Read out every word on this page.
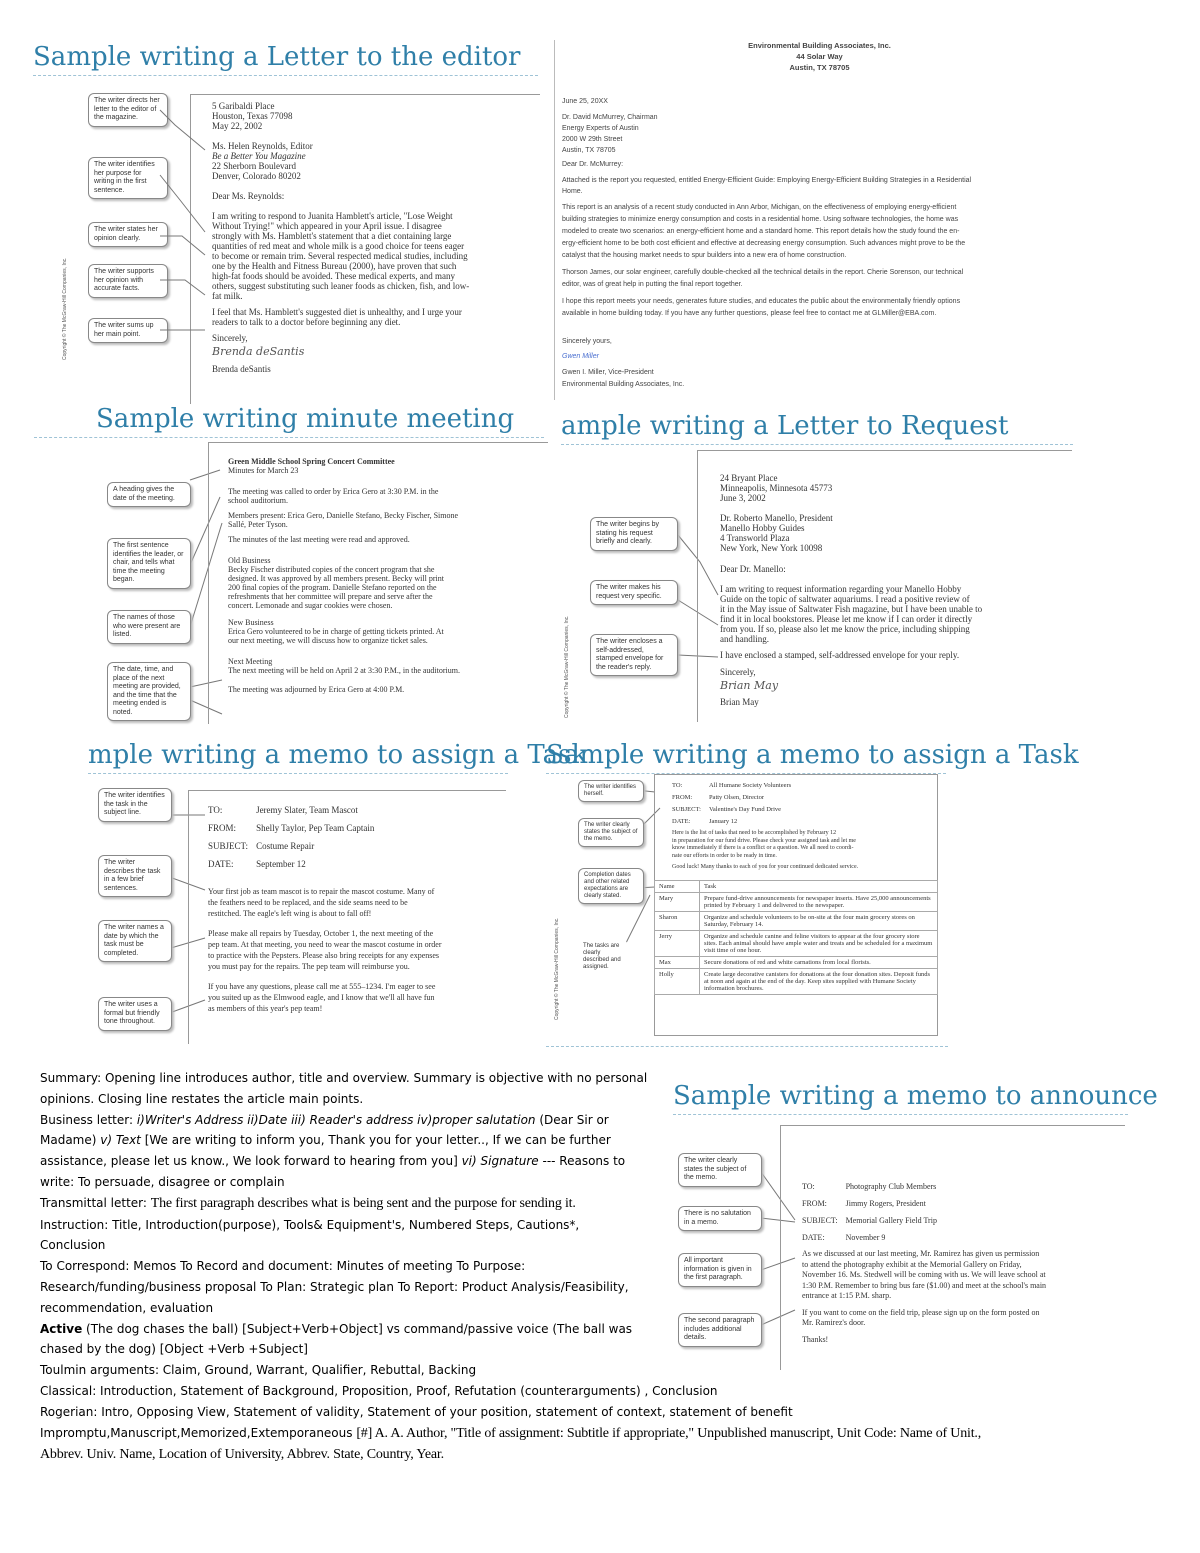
Sample writing a Letter to the editor
Sample writing minute meeting	ample writing a Letter to Request
mple writing a memo to assign a Task
Sample writing a memo to assign a Task
Sample writing a memo to announce
Copyright © The McGraw-Hill Companies, Inc.
The writer directs her letter to the editor of the magazine.
The writer identifies her purpose for writing in the first sentence.
The writer states her opinion clearly.
The writer supports her opinion with accurate facts.
The writer sums up her main point.
5 Garibaldi Place
Houston, Texas 77098
May 22, 2002
Ms. Helen Reynolds, Editor
Be a Better You Magazine
22 Sherborn Boulevard
Denver, Colorado 80202
Dear Ms. Reynolds:
I am writing to respond to Juanita Hamblett's article, "Lose Weight
Without Trying!" which appeared in your April issue. I disagree
strongly with Ms. Hamblett's statement that a diet containing large
quantities of red meat and whole milk is a good choice for teens eager
to become or remain trim. Several respected medical studies, including
one by the Health and Fitness Bureau (2000), have proven that such
high-fat foods should be avoided. These medical experts, and many
others, suggest substituting such leaner foods as chicken, fish, and low-
fat milk.
I feel that Ms. Hamblett's suggested diet is unhealthy, and I urge your
readers to talk to a doctor before beginning any diet.
Sincerely,
Brenda deSantis
Brenda deSantis
Environmental Building Associates, Inc.
44 Solar Way
Austin, TX 78705
June 25, 20XX
Dr. David McMurrey, Chairman
Energy Experts of Austin
2000 W 29th Street
Austin, TX 78705
Dear Dr. McMurrey:
Attached is the report you requested, entitled Energy-Efficient Guide: Employing Energy-Efficient Building Strategies in a Residential
Home.
This report is an analysis of a recent study conducted in Ann Arbor, Michigan, on the effectiveness of employing energy-efficient
building strategies to minimize energy consumption and costs in a residential home. Using software technologies, the home was
modeled to create two scenarios: an energy-efficient home and a standard home. This report details how the study found the en-
ergy-efficient home to be both cost efficient and effective at decreasing energy consumption. Such advances might prove to be the
catalyst that the housing market needs to spur builders into a new era of home construction.
Thorson James, our solar engineer, carefully double-checked all the technical details in the report. Cherie Sorenson, our technical
editor, was of great help in putting the final report together.
I hope this report meets your needs, generates future studies, and educates the public about the environmentally friendly options
available in home building today. If you have any further questions, please feel free to contact me at GLMiller@EBA.com.
Sincerely yours,
Gwen Miller
Gwen I. Miller, Vice-President
Environmental Building Associates, Inc.
A heading gives the date of the meeting.
The first sentence identifies the leader, or chair, and tells what time the meeting began.
The names of those who were present are listed.
The date, time, and place of the next meeting are provided, and the time that the meeting ended is noted.
Green Middle School Spring Concert Committee
Minutes for March 23
The meeting was called to order by Erica Gero at 3:30 P.M. in the
school auditorium.
Members present: Erica Gero, Danielle Stefano, Becky Fischer, Simone
Sallé, Peter Tyson.
The minutes of the last meeting were read and approved.
Old Business
Becky Fischer distributed copies of the concert program that she
designed. It was approved by all members present. Becky will print
200 final copies of the program. Danielle Stefano reported on the
refreshments that her committee will prepare and serve after the
concert. Lemonade and sugar cookies were chosen.
New Business
Erica Gero volunteered to be in charge of getting tickets printed. At
our next meeting, we will discuss how to organize ticket sales.
Next Meeting
The next meeting will be held on April 2 at 3:30 P.M., in the auditorium.
The meeting was adjourned by Erica Gero at 4:00 P.M.	Copyright © The McGraw-Hill Companies, Inc.
The writer begins by stating his request briefly and clearly.
The writer makes his request very specific.
The writer encloses a self-addressed, stamped envelope for the reader's reply.
24 Bryant Place
Minneapolis, Minnesota 45773
June 3, 2002
Dr. Roberto Manello, President
Manello Hobby Guides
4 Transworld Plaza
New York, New York 10098
Dear Dr. Manello:
I am writing to request information regarding your Manello Hobby
Guide on the topic of saltwater aquariums. I read a positive review of
it in the May issue of Saltwater Fish magazine, but I have been unable to
find it in local bookstores. Please let me know if I can order it directly
from you. If so, please also let me know the price, including shipping
and handling.
I have enclosed a stamped, self-addressed envelope for your reply.
Sincerely,
Brian May
Brian May
The writer identifies the task in the subject line.
The writer describes the task in a few brief sentences.
The writer names a date by which the task must be completed.
The writer uses a formal but friendly tone throughout.
TO:	Jeremy Slater, Team Mascot
FROM:	Shelly Taylor, Pep Team Captain
SUBJECT:	Costume Repair
DATE:	September 12
Your first job as team mascot is to repair the mascot costume. Many of
the feathers need to be replaced, and the side seams need to be
restitched. The eagle's left wing is about to fall off!
Please make all repairs by Tuesday, October 1, the next meeting of the
pep team. At that meeting, you need to wear the mascot costume in order
to practice with the Pepsters. Please also bring receipts for any expenses
you must pay for the repairs. The pep team will reimburse you.
If you have any questions, please call me at 555–1234. I'm eager to see
you suited up as the Elmwood eagle, and I know that we'll all have fun
as members of this year's pep team!	Copyright © The McGraw-Hill Companies, Inc.
The writer identifies herself.
The writer clearly states the subject of the memo.
Completion dates and other related expectations are clearly stated.
The tasks are clearly described and assigned.
TO:	All Humane Society Volunteers
FROM:	Patty Olsen, Director
SUBJECT:	Valentine's Day Fund Drive
DATE:	January 12
Here is the list of tasks that need to be accomplished by February 12
in preparation for our fund drive. Please check your assigned task and let me
know immediately if there is a conflict or a question. We all need to coordi-
nate our efforts in order to be ready in time.
Good luck! Many thanks to each of you for your continued dedicated service.
Name	Task
Mary	Prepare fund-drive announcements for newspaper inserts. Have 25,000 announcements printed by February 1 and delivered to the newspaper.
Sharon	Organize and schedule volunteers to be on-site at the four main grocery stores on Saturday, February 14.
Jerry	Organize and schedule canine and feline visitors to appear at the four grocery store sites. Each animal should have ample water and treats and be scheduled for a maximum visit time of one hour.
Max	Secure donations of red and white carnations from local florists.
Holly	Create large decorative canisters for donations at the four donation sites. Deposit funds at noon and again at the end of the day. Keep sites supplied with Humane Society information brochures.
The writer clearly states the subject of the memo.
There is no salutation in a memo.
All important information is given in the first paragraph.
The second paragraph includes additional details.
TO:	Photography Club Members
FROM:	Jimmy Rogers, President
SUBJECT:	Memorial Gallery Field Trip
DATE:	November 9
As we discussed at our last meeting, Mr. Ramirez has given us permission
to attend the photography exhibit at the Memorial Gallery on Friday,
November 16. Ms. Stedwell will be coming with us. We will leave school at
1:30 P.M. Remember to bring bus fare ($1.00) and meet at the school's main
entrance at 1:15 P.M. sharp.
If you want to come on the field trip, please sign up on the form posted on
Mr. Ramirez's door.
Thanks!
Summary: Opening line introduces author, title and overview. Summary is objective with no personal
opinions. Closing line restates the article main points.
Business letter: i)Writer's Address ii)Date iii) Reader's address iv)proper salutation (Dear Sir or
Madame) v) Text [We are writing to inform you, Thank you for your letter.., If we can be further
assistance, please let us know., We look forward to hearing from you] vi) Signature --- Reasons to
write: To persuade, disagree or complain
Transmittal letter: The first paragraph describes what is being sent and the purpose for sending it.
Instruction: Title, Introduction(purpose), Tools& Equipment's, Numbered Steps, Cautions*,
Conclusion
To Correspond: Memos To Record and document: Minutes of meeting To Purpose:
Research/funding/business proposal To Plan: Strategic plan To Report: Product Analysis/Feasibility,
recommendation, evaluation
Active (The dog chases the ball) [Subject+Verb+Object] vs command/passive voice (The ball was
chased by the dog) [Object +Verb +Subject]
Toulmin arguments: Claim, Ground, Warrant, Qualifier, Rebuttal, Backing
Classical: Introduction, Statement of Background, Proposition, Proof, Refutation (counterarguments) , Conclusion
Rogerian: Intro, Opposing View, Statement of validity, Statement of your position, statement of context, statement of benefit
Impromptu,Manuscript,Memorized,Extemporaneous [#] A. A. Author, "Title of assignment: Subtitle if appropriate," Unpublished manuscript, Unit Code: Name of Unit.,
Abbrev. Univ. Name, Location of University, Abbrev. State, Country, Year.
